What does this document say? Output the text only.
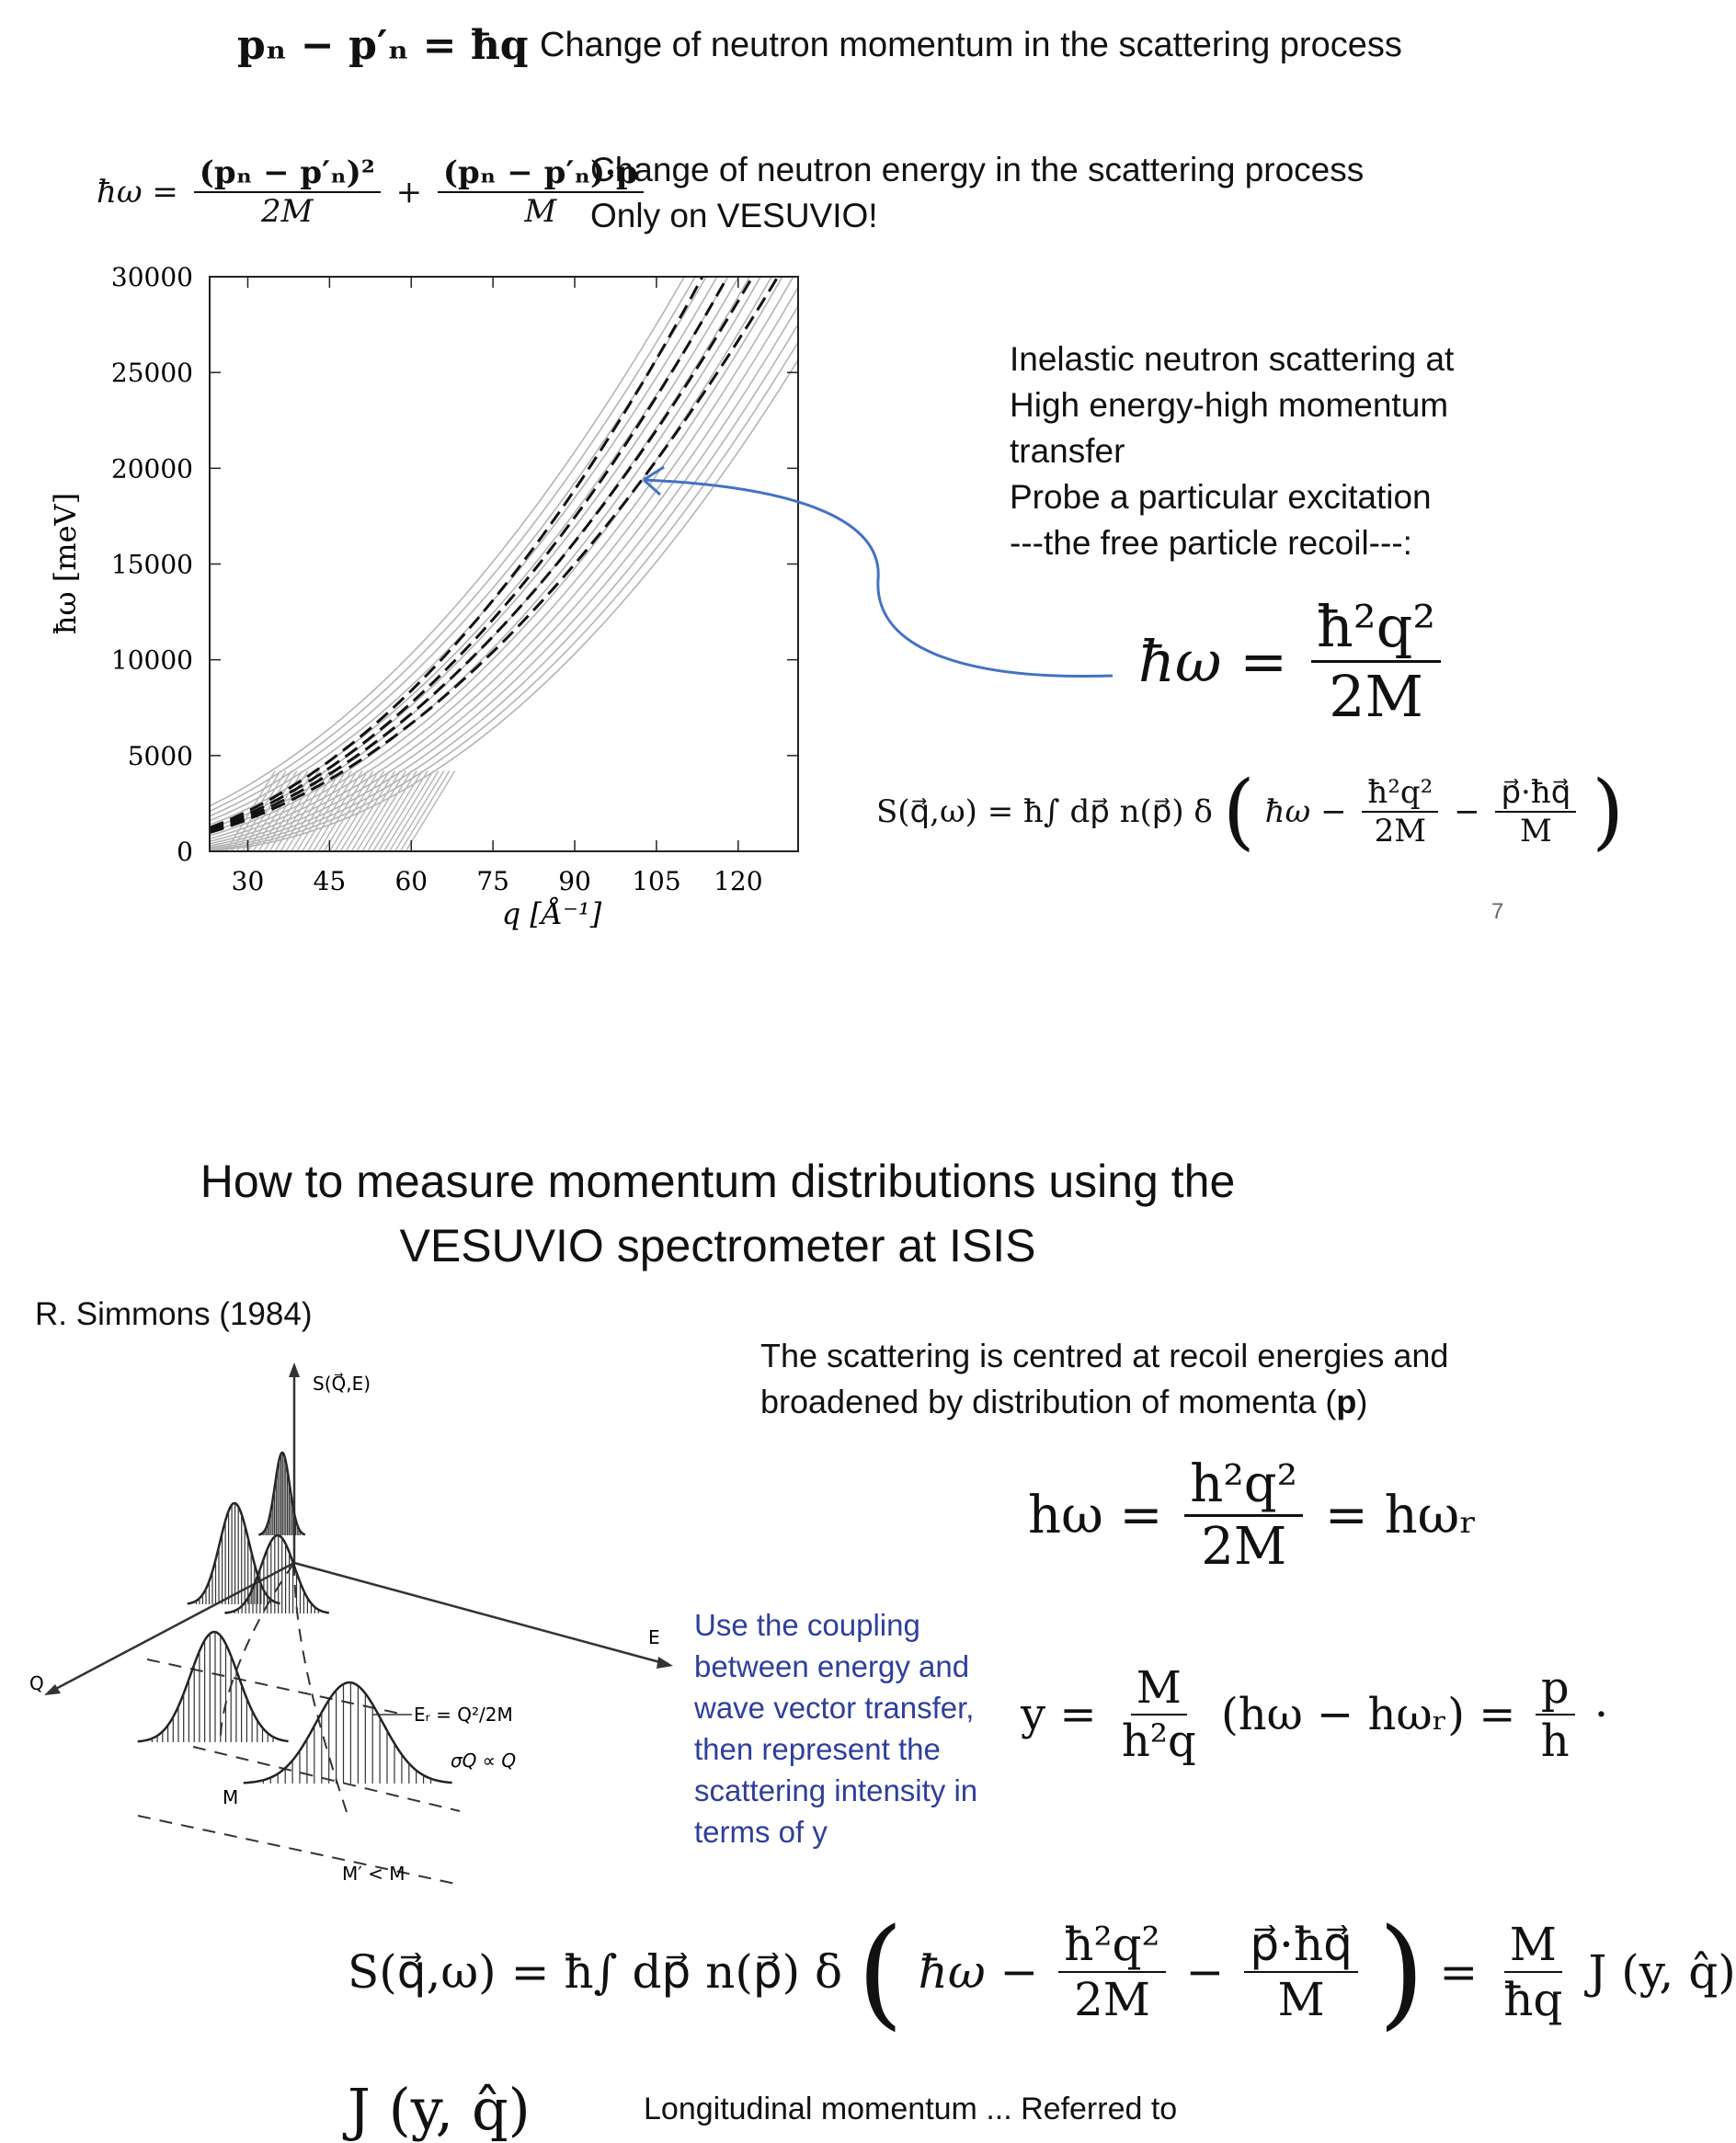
pₙ − p′ₙ = ħq Change of neutron momentum in the scattering process
ħω = $\frac{\text{(pₙ − p′ₙ)²}}{2M} + \frac{\text{(pₙ − p′ₙ)·p}}{M}$
Change of neutron energy in the scattering process
Only on VESUVIO!
30 45 60 75 90 105 120
0
5000
10000
15000
20000
25000
30000
q [Å⁻¹]
ħω [meV]
Inelastic neutron scattering at
High energy-high momentum
transfer
Probe a particular excitation
---the free particle recoil---:
ħω = $\frac{\text{ħ²q²}}{2M}$
S(q⃗,ω) = ħ∫ dp⃗ n(p⃗) δ ( ħω − $\frac{\text{ħ²q²}}{2M} - \frac{p⃗\cdot ħq⃗}{M}$ )
7
How to measure momentum distributions using the
VESUVIO spectrometer at ISIS
R. Simmons (1984)
The scattering is centred at recoil energies and
broadened by distribution of momenta (p)
S(Q⃗,E)
E
Q
Eᵣ = Q²/2M
σQ ∝ Q
M
M′ < M
$h\omega = \frac{\text{h²q²}}{2M}$ = hωᵣ
Use the coupling
between energy and
wave vector transfer,
then represent the
scattering intensity in
terms of y
$y = \frac{M}{\text{h²q}} (h\omega$ − hωᵣ) = $\frac{p}{h}$ ·
S(q⃗,ω) = ħ∫ dp⃗ n(p⃗) δ ( ħω − $\frac{\text{ħ²q²}}{2M} - \frac{p⃗\cdot ħq⃗}{M}$ ) = $\frac{M}{ħq}$ J (y, q̂)
J (y, q̂)	Longitudinal momentum ... Referred to
